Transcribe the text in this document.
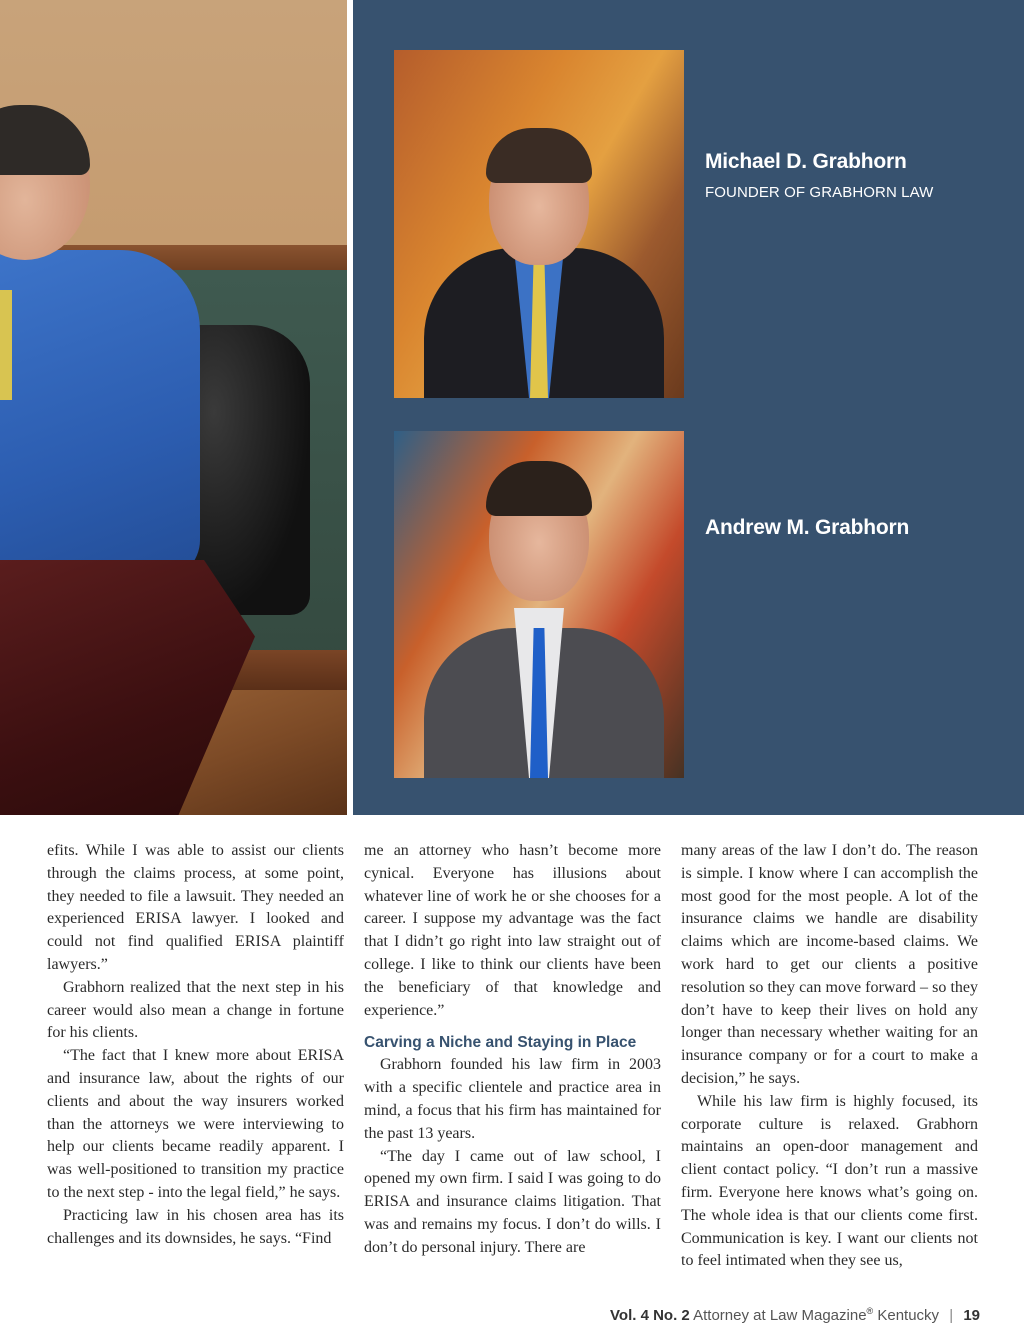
Michael D. Grabhorn
FOUNDER OF GRABHORN LAW
Andrew M. Grabhorn

efits. While I was able to assist our clients through the claims process, at some point, they needed to file a lawsuit. They needed an experienced ERISA lawyer. I looked and could not find qualified ERISA plaintiff lawyers.”

Grabhorn realized that the next step in his career would also mean a change in fortune for his clients.

“The fact that I knew more about ERISA and insurance law, about the rights of our clients and about the way insurers worked than the attorneys we were interviewing to help our clients became readily apparent. I was well-positioned to transition my practice to the next step - into the legal field,” he says.

Practicing law in his chosen area has its challenges and its downsides, he says. “Find

me an attorney who hasn’t become more cynical. Everyone has illusions about whatever line of work he or she chooses for a career. I suppose my advantage was the fact that I didn’t go right into law straight out of college. I like to think our clients have been the beneficiary of that knowledge and experience.”

Carving a Niche and Staying in Place

Grabhorn founded his law firm in 2003 with a specific clientele and practice area in mind, a focus that his firm has maintained for the past 13 years.

“The day I came out of law school, I opened my own firm. I said I was going to do ERISA and insurance claims litigation. That was and remains my focus. I don’t do wills. I don’t do personal injury. There are

many areas of the law I don’t do. The reason is simple. I know where I can accomplish the most good for the most people. A lot of the insurance claims we handle are disability claims which are income-based claims. We work hard to get our clients a positive resolution so they can move forward – so they don’t have to keep their lives on hold any longer than necessary whether waiting for an insurance company or for a court to make a decision,” he says.

While his law firm is highly focused, its corporate culture is relaxed. Grabhorn maintains an open-door management and client contact policy. “I don’t run a massive firm. Everyone here knows what’s going on. The whole idea is that our clients come first. Communication is key. I want our clients not to feel intimated when they see us,

Vol. 4 No. 2 Attorney at Law Magazine® Kentucky | 19
